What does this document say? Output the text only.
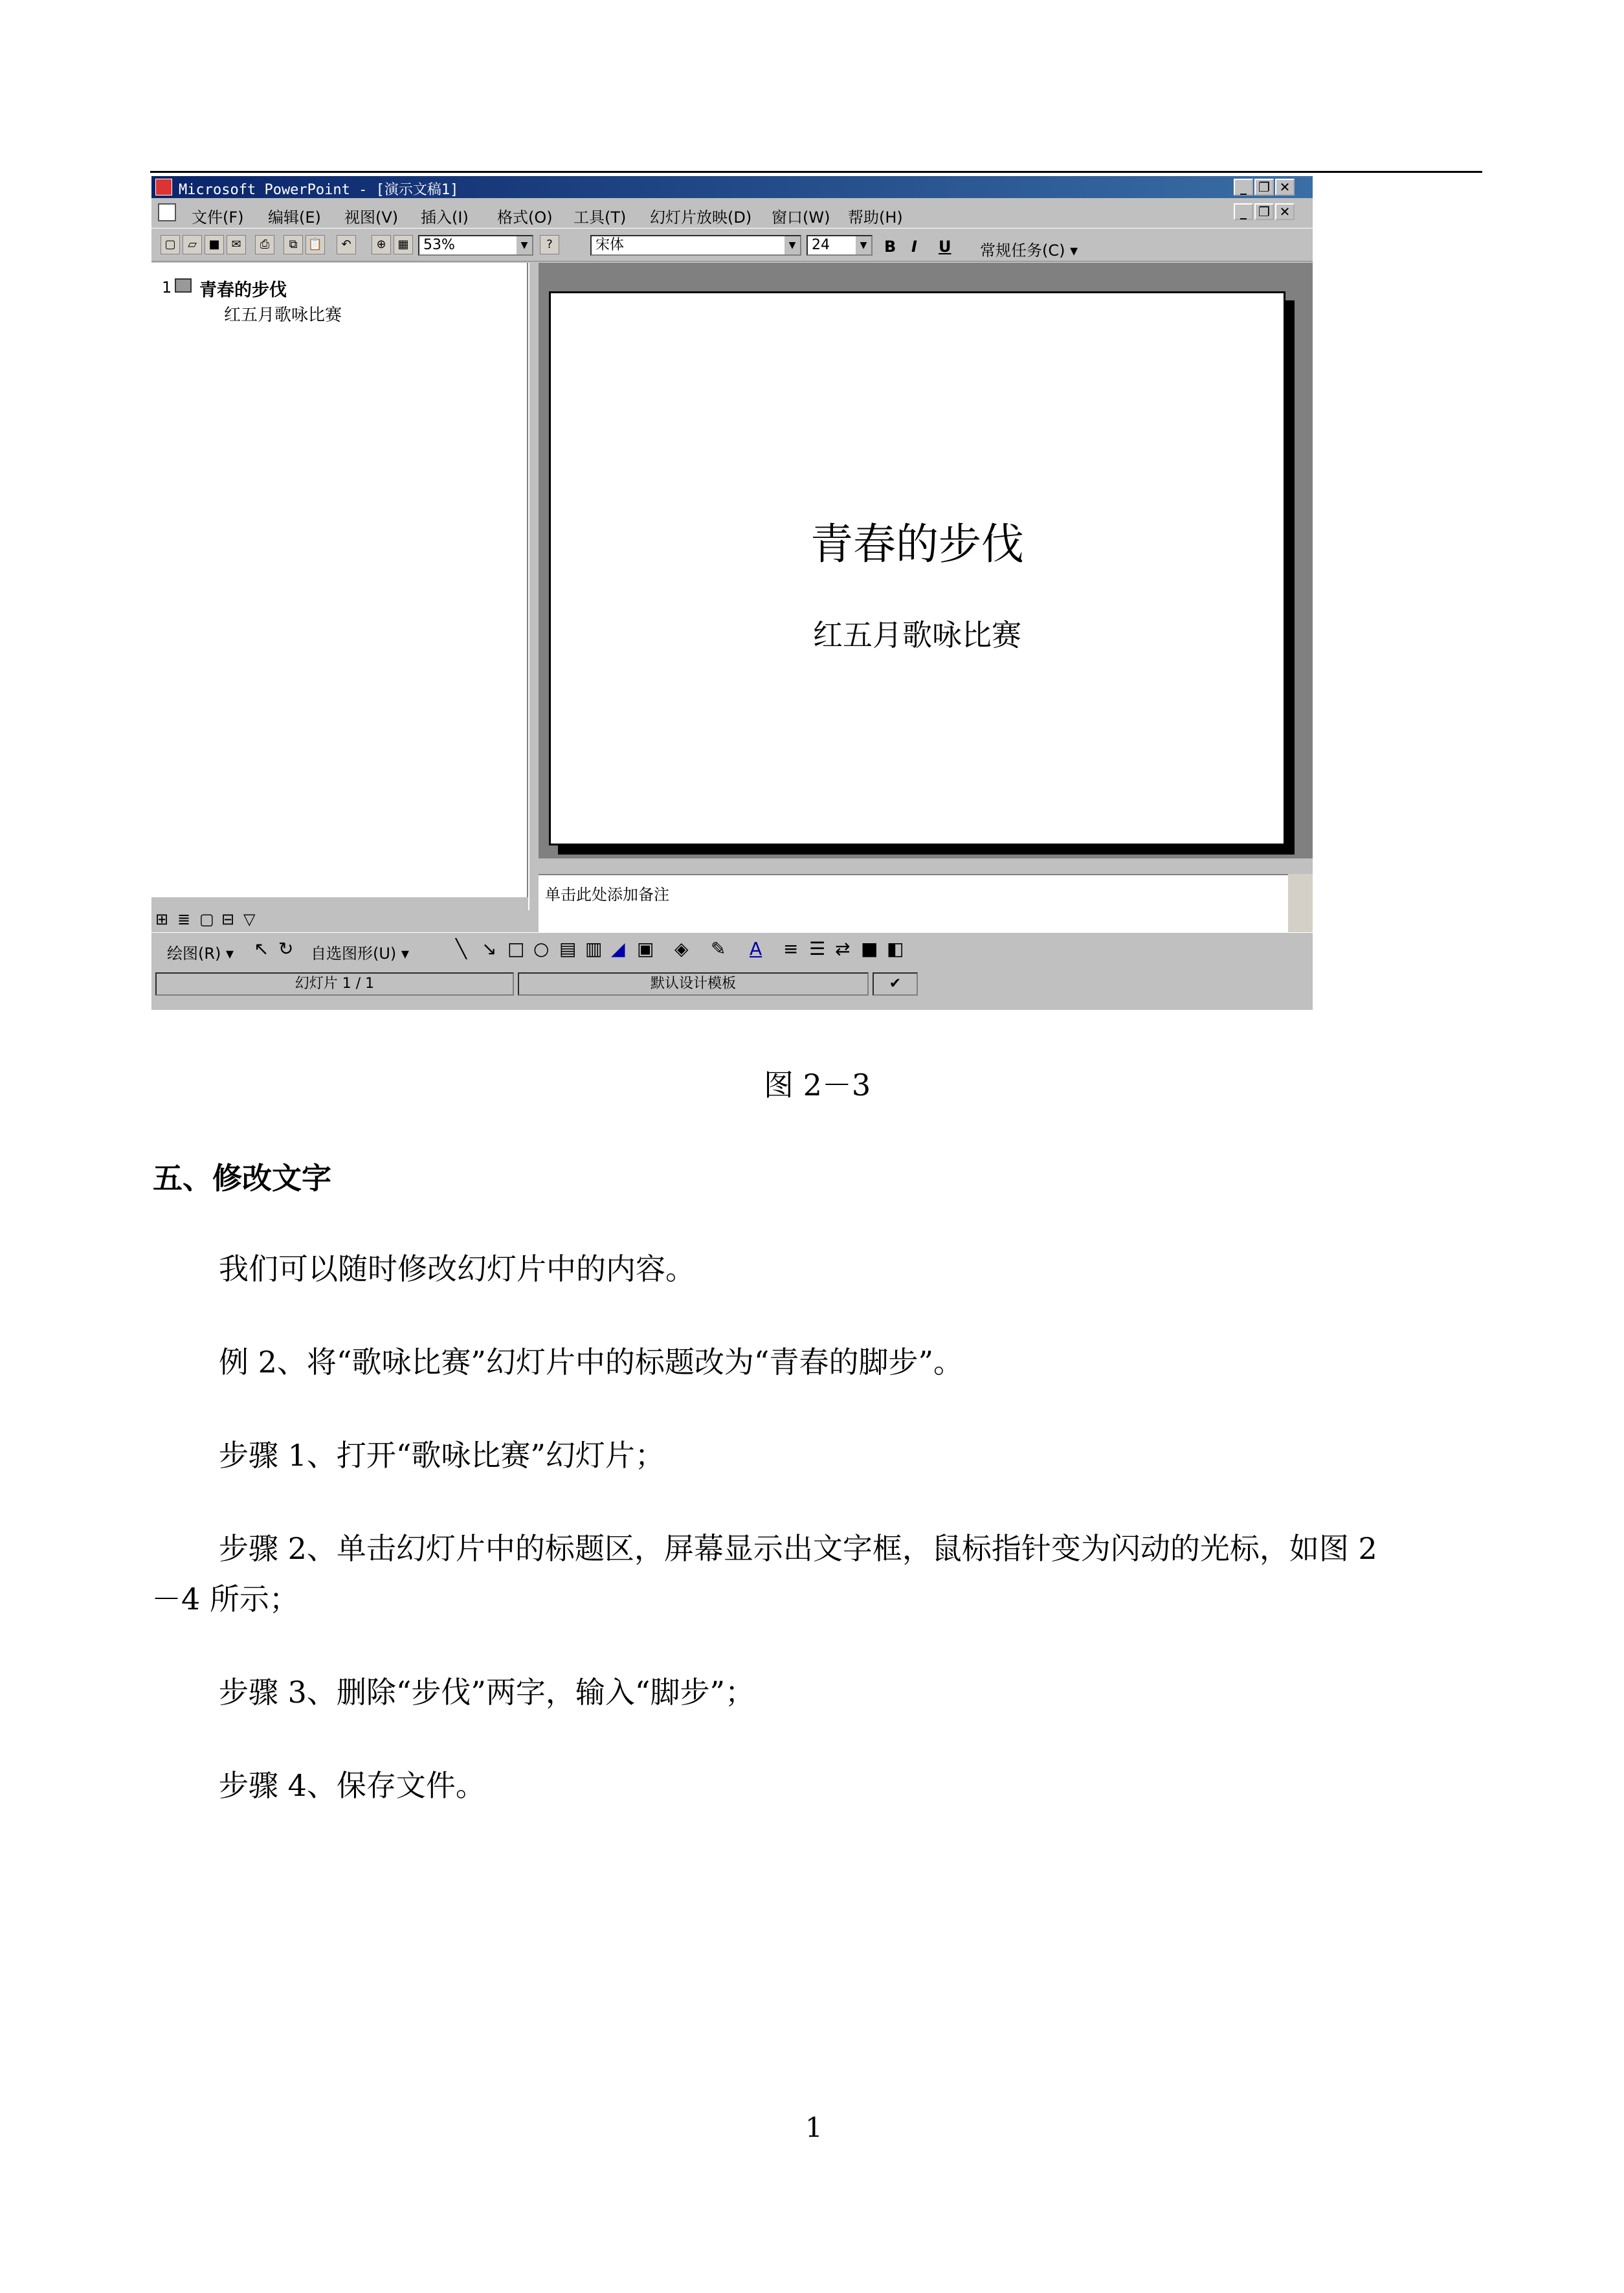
Microsoft PowerPoint - [演示文稿1]	_ ❐ ✕
文件(F) 编辑(E) 视图(V) 插入(I) 格式(O) 工具(T) 幻灯片放映(D) 窗口(W) 帮助(H)	_ ❐ ✕
▢	▱	■ ✉	⎙	⧉ 📋	↶	⊕ ▦	53%	▼	?	宋体	▼	24	▼ B I U 常规任务(C) ▾
1 青春的步伐
红五月歌咏比赛
青春的步伐
红五月歌咏比赛
单击此处添加备注
⊞ ≣ ▢ ⊟ ▽
绘图(R) ▾ ↖ ↻ 自选图形(U) ▾	╲ ↘ □ ○ ▤ ▥ ◢ ▣ ◈ ✎ A ≡ ☰ ⇄ ■ ◧
幻灯片 1 / 1	默认设计模板	✔
图 2－3
五、修改文字
我们可以随时修改幻灯片中的内容。
例 2、将“歌咏比赛”幻灯片中的标题改为“青春的脚步”。
步骤 1、打开“歌咏比赛”幻灯片；
步骤 2、单击幻灯片中的标题区，屏幕显示出文字框，鼠标指针变为闪动的光标，如图 2
－4 所示；
步骤 3、删除“步伐”两字，输入“脚步”；
步骤 4、保存文件。
1
